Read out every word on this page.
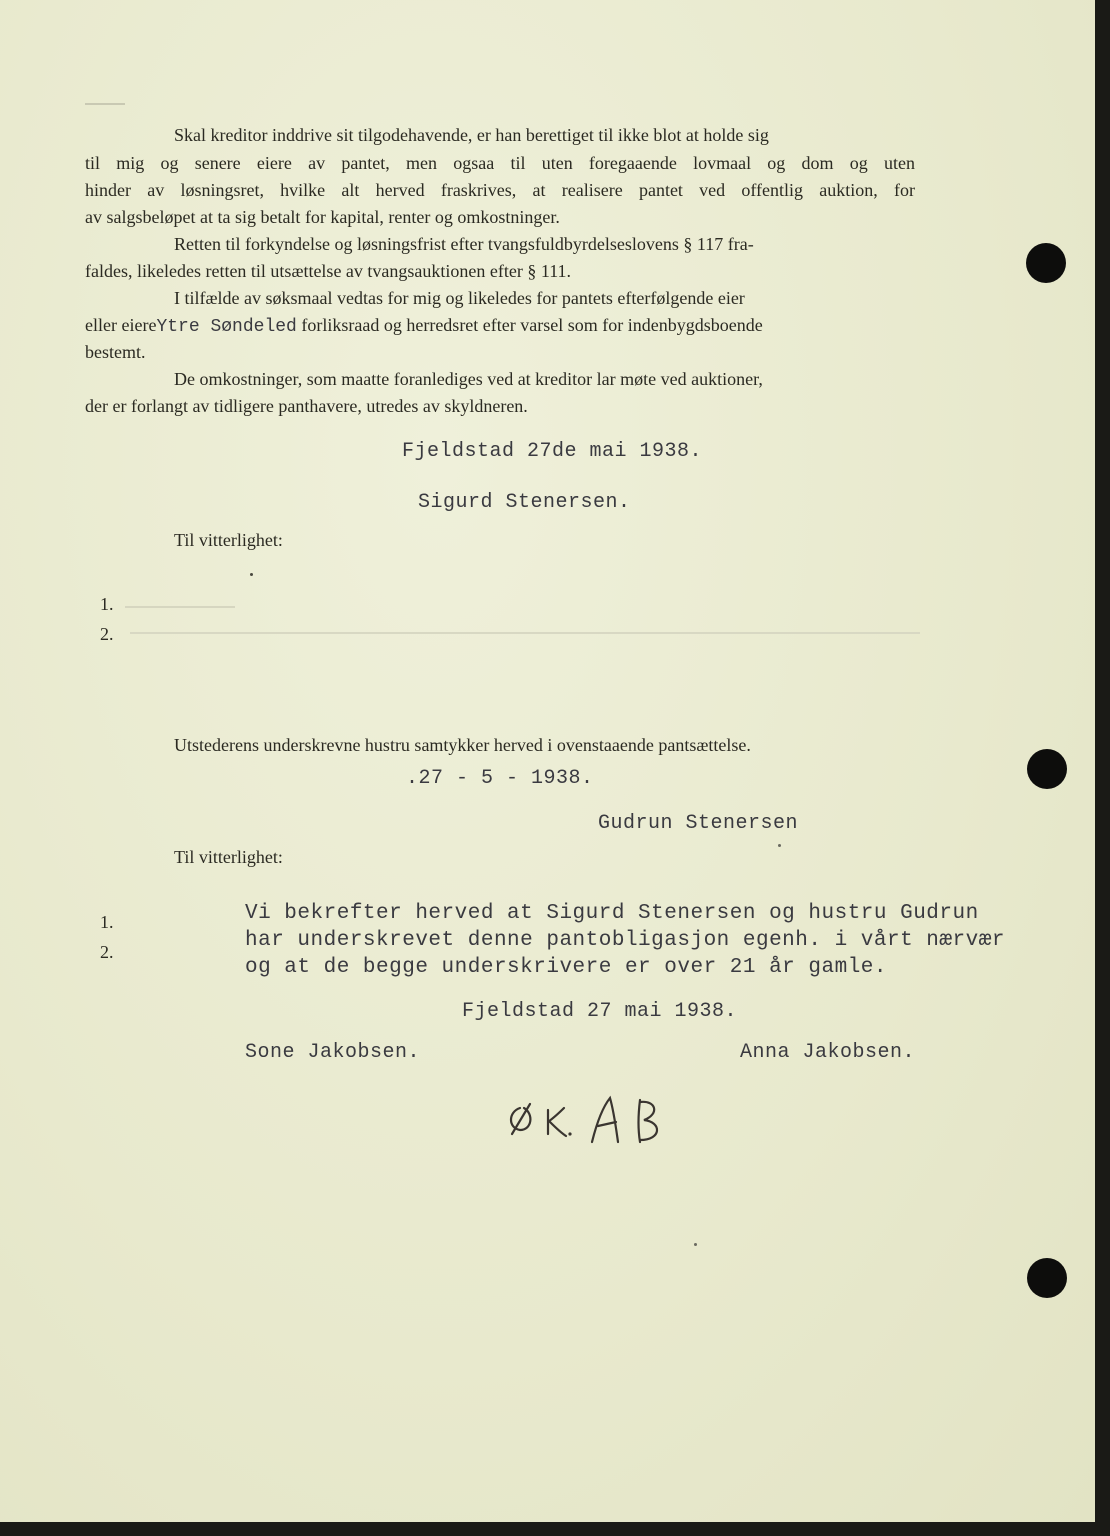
Skal kreditor inddrive sit tilgodehavende, er han berettiget til ikke blot at holde sig

til mig og senere eiere av pantet, men ogsaa til uten foregaaende lovmaal og dom og uten

hinder av løsningsret, hvilke alt herved fraskrives, at realisere pantet ved offentlig auktion, for

av salgsbeløpet at ta sig betalt for kapital, renter og omkostninger.

Retten til forkyndelse og løsningsfrist efter tvangsfuldbyrdelseslovens § 117 fra-

faldes, likeledes retten til utsættelse av tvangsauktionen efter § 111.

I tilfælde av søksmaal vedtas for mig og likeledes for pantets efterfølgende eier

eller eiereYtre Søndeled forliksraad og herredsret efter varsel som for indenbygdsboende

bestemt.

De omkostninger, som maatte foranlediges ved at kreditor lar møte ved auktioner,

der er forlangt av tidligere panthavere, utredes av skyldneren.

Fjeldstad 27de mai 1938.

Sigurd Stenersen.

Til vitterlighet:

1.

2.

Utstederens underskrevne hustru samtykker herved i ovenstaaende pantsættelse.

.27 - 5 - 1938.

Gudrun Stenersen

Til vitterlighet:

1.

2.

Vi bekrefter herved at Sigurd Stenersen og hustru Gudrun

har underskrevet denne pantobligasjon egenh. i vårt nærvær

og at de begge underskrivere er over 21 år gamle.

Fjeldstad 27 mai 1938.

Sone Jakobsen.	Anna Jakobsen.
